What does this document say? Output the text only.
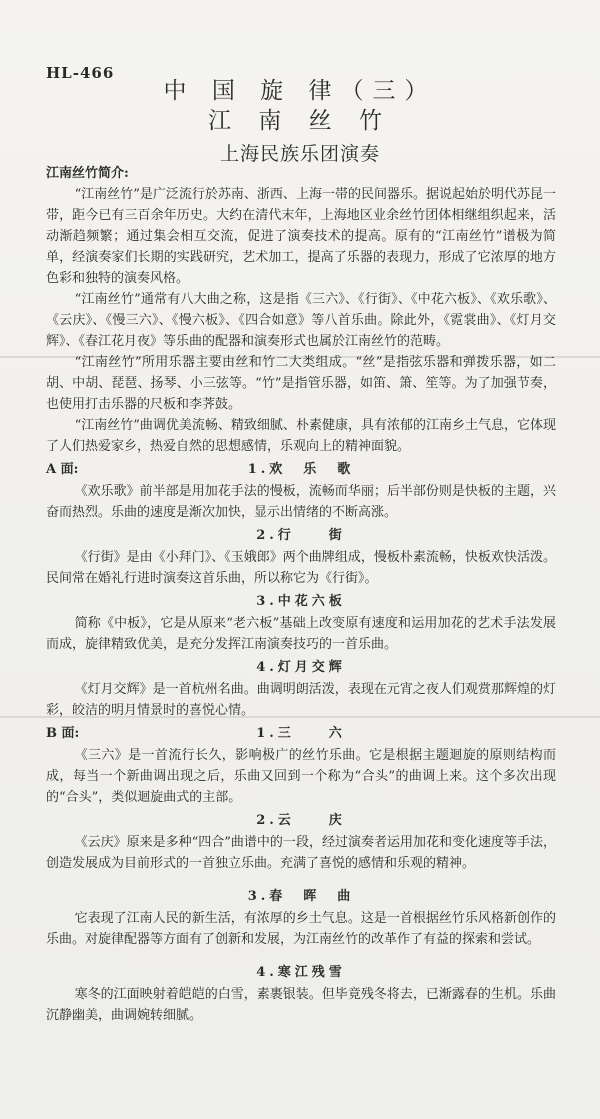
HL-466
中 国 旋 律（三）
江 南 丝 竹
上海民族乐团演奏
江南丝竹简介:

“江南丝竹”是广泛流行於苏南、浙西、上海一帯的民间器乐。据说起始於明代苏昆一带，距今已有三百余年历史。大约在清代末年，上海地区业余丝竹团体相继组织起来，活动渐趋频繁；通过集会相互交流，促进了演奏技术的提高。原有的“江南丝竹”谱极为简单，经演奏家们长期的实践研究，艺术加工，提高了乐器的表现力，形成了它浓厚的地方色彩和独特的演奏风格。

“江南丝竹”通常有八大曲之称，这是指《三六》、《行街》、《中花六板》、《欢乐歌》、《云庆》、《慢三六》、《慢六板》、《四合如意》等八首乐曲。除此外，《霓裳曲》、《灯月交辉》、《春江花月夜》等乐曲的配器和演奏形式也属於江南丝竹的范畴。

“江南丝竹”所用乐器主要由丝和竹二大类组成。“丝”是指弦乐器和弹拨乐器，如二胡、中胡、琵琶、扬琴、小三弦等。“竹”是指管乐器，如笛、箫、笙等。为了加强节奏，也使用打击乐器的尺板和李荠鼓。

“江南丝竹”曲调优美流畅、精致细腻、朴素健康，具有浓郁的江南乡土气息，它体现了人们热爱家乡，热爱自然的思想感情，乐观向上的精神面貌。

A 面:	1.欢　乐　歌

《欢乐歌》前半部是用加花手法的慢板，流畅而华丽；后半部份则是快板的主题，兴奋而热烈。乐曲的速度是渐次加快，显示出情绪的不断高涨。

2.行　　街

《行街》是由《小拜门》、《玉娥郎》两个曲牌组成，慢板朴素流畅，快板欢快活泼。民间常在婚礼行进时演奏这首乐曲，所以称它为《行街》。

3.中花六板

简称《中板》，它是从原来“老六板”基础上改变原有速度和运用加花的艺术手法发展而成，旋律精致优美，是充分发挥江南演奏技巧的一首乐曲。

4.灯月交辉

《灯月交辉》是一首杭州名曲。曲调明朗活泼，表现在元宵之夜人们观赏那辉煌的灯彩，皎洁的明月情景时的喜悦心情。

B 面:	1.三　　六

《三六》是一首流行长久，影响极广的丝竹乐曲。它是根据主题迴旋的原则结构而成，每当一个新曲调出现之后，乐曲又回到一个称为“合头”的曲调上来。这个多次出现的“合头”，类似迴旋曲式的主部。

2.云　　庆

《云庆》原来是多种“四合”曲谱中的一段，经过演奏者运用加花和变化速度等手法，创造发展成为目前形式的一首独立乐曲。充满了喜悦的感情和乐观的精神。

3.春　晖　曲

它表现了江南人民的新生活，有浓厚的乡土气息。这是一首根据丝竹乐风格新创作的乐曲。对旋律配器等方面有了创新和发展，为江南丝竹的改革作了有益的探索和尝试。

4.寒江残雪

寒冬的江面映射着皑皑的白雪，素裹银装。但毕竟残冬将去，已渐露春的生机。乐曲沉静幽美，曲调婉转细腻。
